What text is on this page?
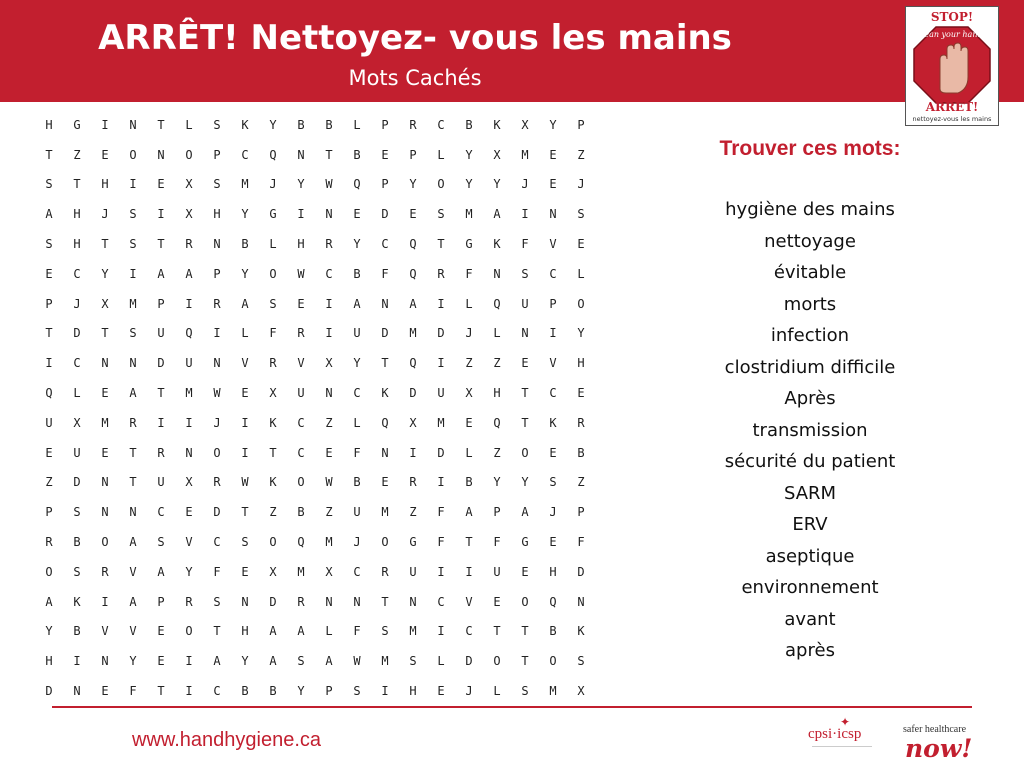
ARRÊT! Nettoyez- vous les mains
Mots Cachés
STOP!
clean your hands
ARRÊT!
nettoyez-vous les mains
H	G	I	N	T	L	S	K	Y	B	B	L	P	R	C	B	K	X	Y	P
T	Z	E	O	N	O	P	C	Q	N	T	B	E	P	L	Y	X	M	E	Z
S	T	H	I	E	X	S	M	J	Y	W	Q	P	Y	O	Y	Y	J	E	J
A	H	J	S	I	X	H	Y	G	I	N	E	D	E	S	M	A	I	N	S
S	H	T	S	T	R	N	B	L	H	R	Y	C	Q	T	G	K	F	V	E
E	C	Y	I	A	A	P	Y	O	W	C	B	F	Q	R	F	N	S	C	L
P	J	X	M	P	I	R	A	S	E	I	A	N	A	I	L	Q	U	P	O
T	D	T	S	U	Q	I	L	F	R	I	U	D	M	D	J	L	N	I	Y
I	C	N	N	D	U	N	V	R	V	X	Y	T	Q	I	Z	Z	E	V	H
Q	L	E	A	T	M	W	E	X	U	N	C	K	D	U	X	H	T	C	E
U	X	M	R	I	I	J	I	K	C	Z	L	Q	X	M	E	Q	T	K	R
E	U	E	T	R	N	O	I	T	C	E	F	N	I	D	L	Z	O	E	B
Z	D	N	T	U	X	R	W	K	O	W	B	E	R	I	B	Y	Y	S	Z
P	S	N	N	C	E	D	T	Z	B	Z	U	M	Z	F	A	P	A	J	P
R	B	O	A	S	V	C	S	O	Q	M	J	O	G	F	T	F	G	E	F
O	S	R	V	A	Y	F	E	X	M	X	C	R	U	I	I	U	E	H	D
A	K	I	A	P	R	S	N	D	R	N	N	T	N	C	V	E	O	Q	N
Y	B	V	V	E	O	T	H	A	A	L	F	S	M	I	C	T	T	B	K
H	I	N	Y	E	I	A	Y	A	S	A	W	M	S	L	D	O	T	O	S
D	N	E	F	T	I	C	B	B	Y	P	S	I	H	E	J	L	S	M	X
Trouver ces mots:
hygiène des mains
nettoyage
évitable
morts
infection
clostridium difficile
Après
transmission
sécurité du patient
SARM
ERV
aseptique
environnement
avant
après
www.handhygiene.ca
✦
cpsi·icsp	safer healthcare
now!
